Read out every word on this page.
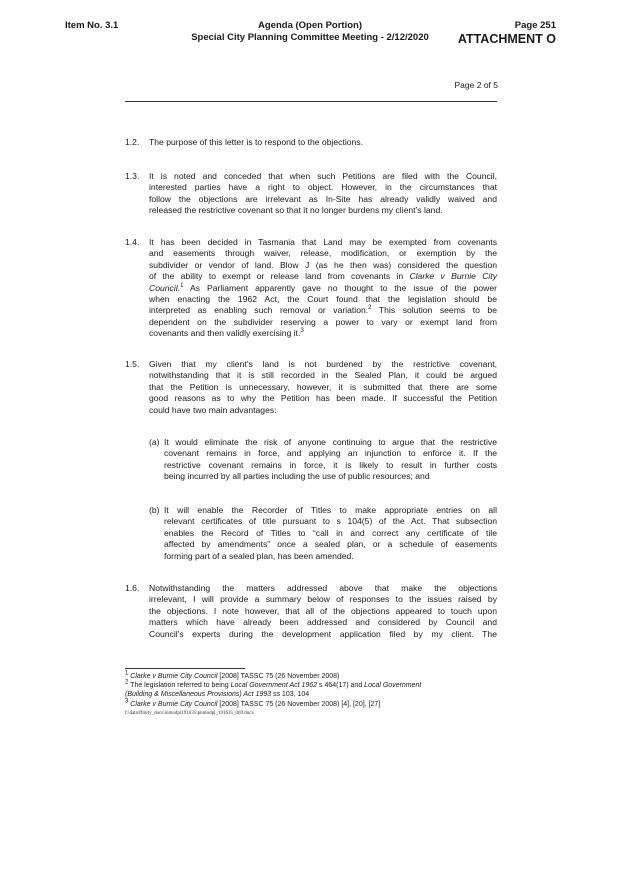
Item No. 3.1	Agenda (Open Portion)
Special City Planning Committee Meeting - 2/12/2020
Page 251
ATTACHMENT O
Page 2 of 5
1.2. The purpose of this letter is to respond to the objections.
1.3. It is noted and conceded that when such Petitions are filed with the Council,
interested parties have a right to object. However, in the circumstances that
follow the objections are irrelevant as In-Site has already validly waived and
released the restrictive covenant so that it no longer burdens my client’s land.
1.4. It has been decided in Tasmania that Land may be exempted from covenants
and easements through waiver, release, modification, or exemption by the
subdivider or vendor of land. Blow J (as he then was) considered the question
of the ability to exempt or release land from covenants in Clarke v Burnie City
Council.$^1$ As Parliament apparently gave no thought to the issue of the power
when enacting the 1962 Act, the Court found that the legislation should be
interpreted as enabling such removal or variation.$^2$ This solution seems to be
dependent on the subdivider reserving a power to vary or exempt land from
covenants and then validly exercising it.$^3$
1.5. Given that my client’s land is not burdened by the restrictive covenant,
notwithstanding that it is still recorded in the Sealed Plan, it could be argued
that the Petition is unnecessary, however, it is submitted that there are some
good reasons as to why the Petition has been made. If successful the Petition
could have two main advantages:
(a) It would eliminate the risk of anyone continuing to argue that the restrictive
covenant remains in force, and applying an injunction to enforce it. If the
restrictive covenant remains in force, it is likely to result in further costs
being incurred by all parties including the use of public resources; and
(b) It will enable the Recorder of Titles to make appropriate entries on all
relevant certificates of title pursuant to s 104(5) of the Act. That subsection
enables the Record of Titles to “call in and correct any certificate of tile
affected by amendments” once a sealed plan, or a schedule of easements
forming part of a sealed plan, has been amended.
1.6. Notwithstanding the matters addressed above that make the objections
irrelevant, I will provide a summary below of responses to the issues raised by
the objections. I note however, that all of the objections appeared to touch upon
matters which have already been addressed and considered by Council and
Council’s experts during the development application filed by my client. The
$^1$ Clarke v Burnie City Council [2008] TASSC 75 (26 November 2008)
$^2$ The legislation referred to being Local Government Act 1962 s 464(17) and Local Government
(Building & Miscellaneous Provisions) Act 1993 ss 103, 104
$^3$ Clarke v Burnie City Council [2008] TASSC 75 (26 November 2008) [4], [20], [27]
f:\data\ffinity_docs\inmodpl191635\pnmodpl_191635_069.docx
